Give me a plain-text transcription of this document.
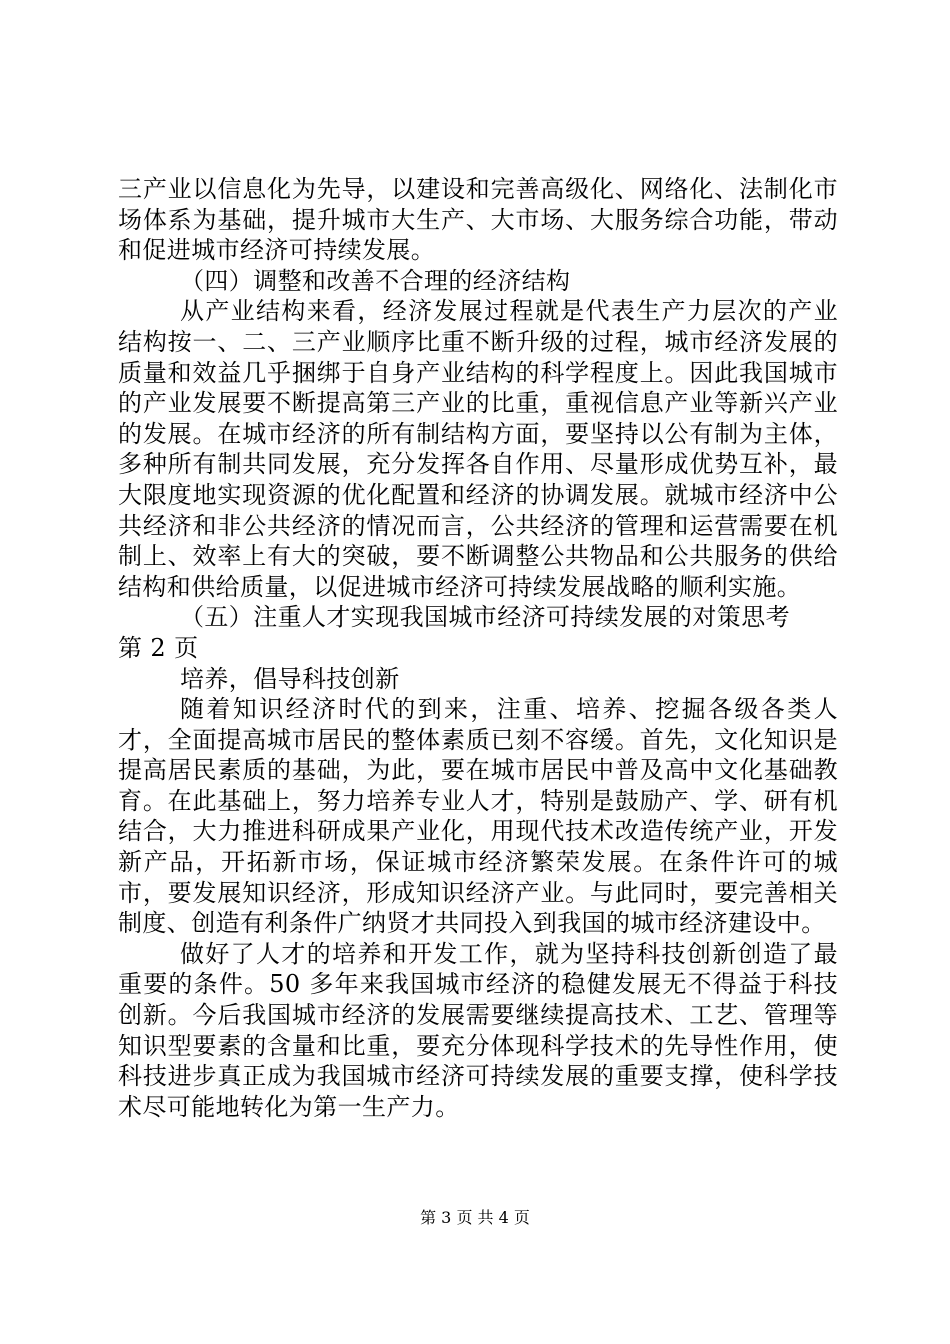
三产业以信息化为先导，以建设和完善高级化、网络化、法制化市场体系为基础，提升城市大生产、大市场、大服务综合功能，带动和促进城市经济可持续发展。

（四）调整和改善不合理的经济结构

从产业结构来看，经济发展过程就是代表生产力层次的产业结构按一、二、三产业顺序比重不断升级的过程，城市经济发展的质量和效益几乎捆绑于自身产业结构的科学程度上。因此我国城市的产业发展要不断提高第三产业的比重，重视信息产业等新兴产业的发展。在城市经济的所有制结构方面，要坚持以公有制为主体，多种所有制共同发展，充分发挥各自作用、尽量形成优势互补，最大限度地实现资源的优化配置和经济的协调发展。就城市经济中公共经济和非公共经济的情况而言，公共经济的管理和运营需要在机制上、效率上有大的突破，要不断调整公共物品和公共服务的供给结构和供给质量，以促进城市经济可持续发展战略的顺利实施。

（五）注重人才实现我国城市经济可持续发展的对策思考

第 2 页

培养，倡导科技创新

随着知识经济时代的到来，注重、培养、挖掘各级各类人才，全面提高城市居民的整体素质已刻不容缓。首先，文化知识是提高居民素质的基础，为此，要在城市居民中普及高中文化基础教育。在此基础上，努力培养专业人才，特别是鼓励产、学、研有机结合，大力推进科研成果产业化，用现代技术改造传统产业，开发新产品，开拓新市场，保证城市经济繁荣发展。在条件许可的城市，要发展知识经济，形成知识经济产业。与此同时，要完善相关制度、创造有利条件广纳贤才共同投入到我国的城市经济建设中。

做好了人才的培养和开发工作，就为坚持科技创新创造了最重要的条件。50 多年来我国城市经济的稳健发展无不得益于科技创新。今后我国城市经济的发展需要继续提高技术、工艺、管理等知识型要素的含量和比重，要充分体现科学技术的先导性作用，使科技进步真正成为我国城市经济可持续发展的重要支撑，使科学技术尽可能地转化为第一生产力。

第 3 页 共 4 页
